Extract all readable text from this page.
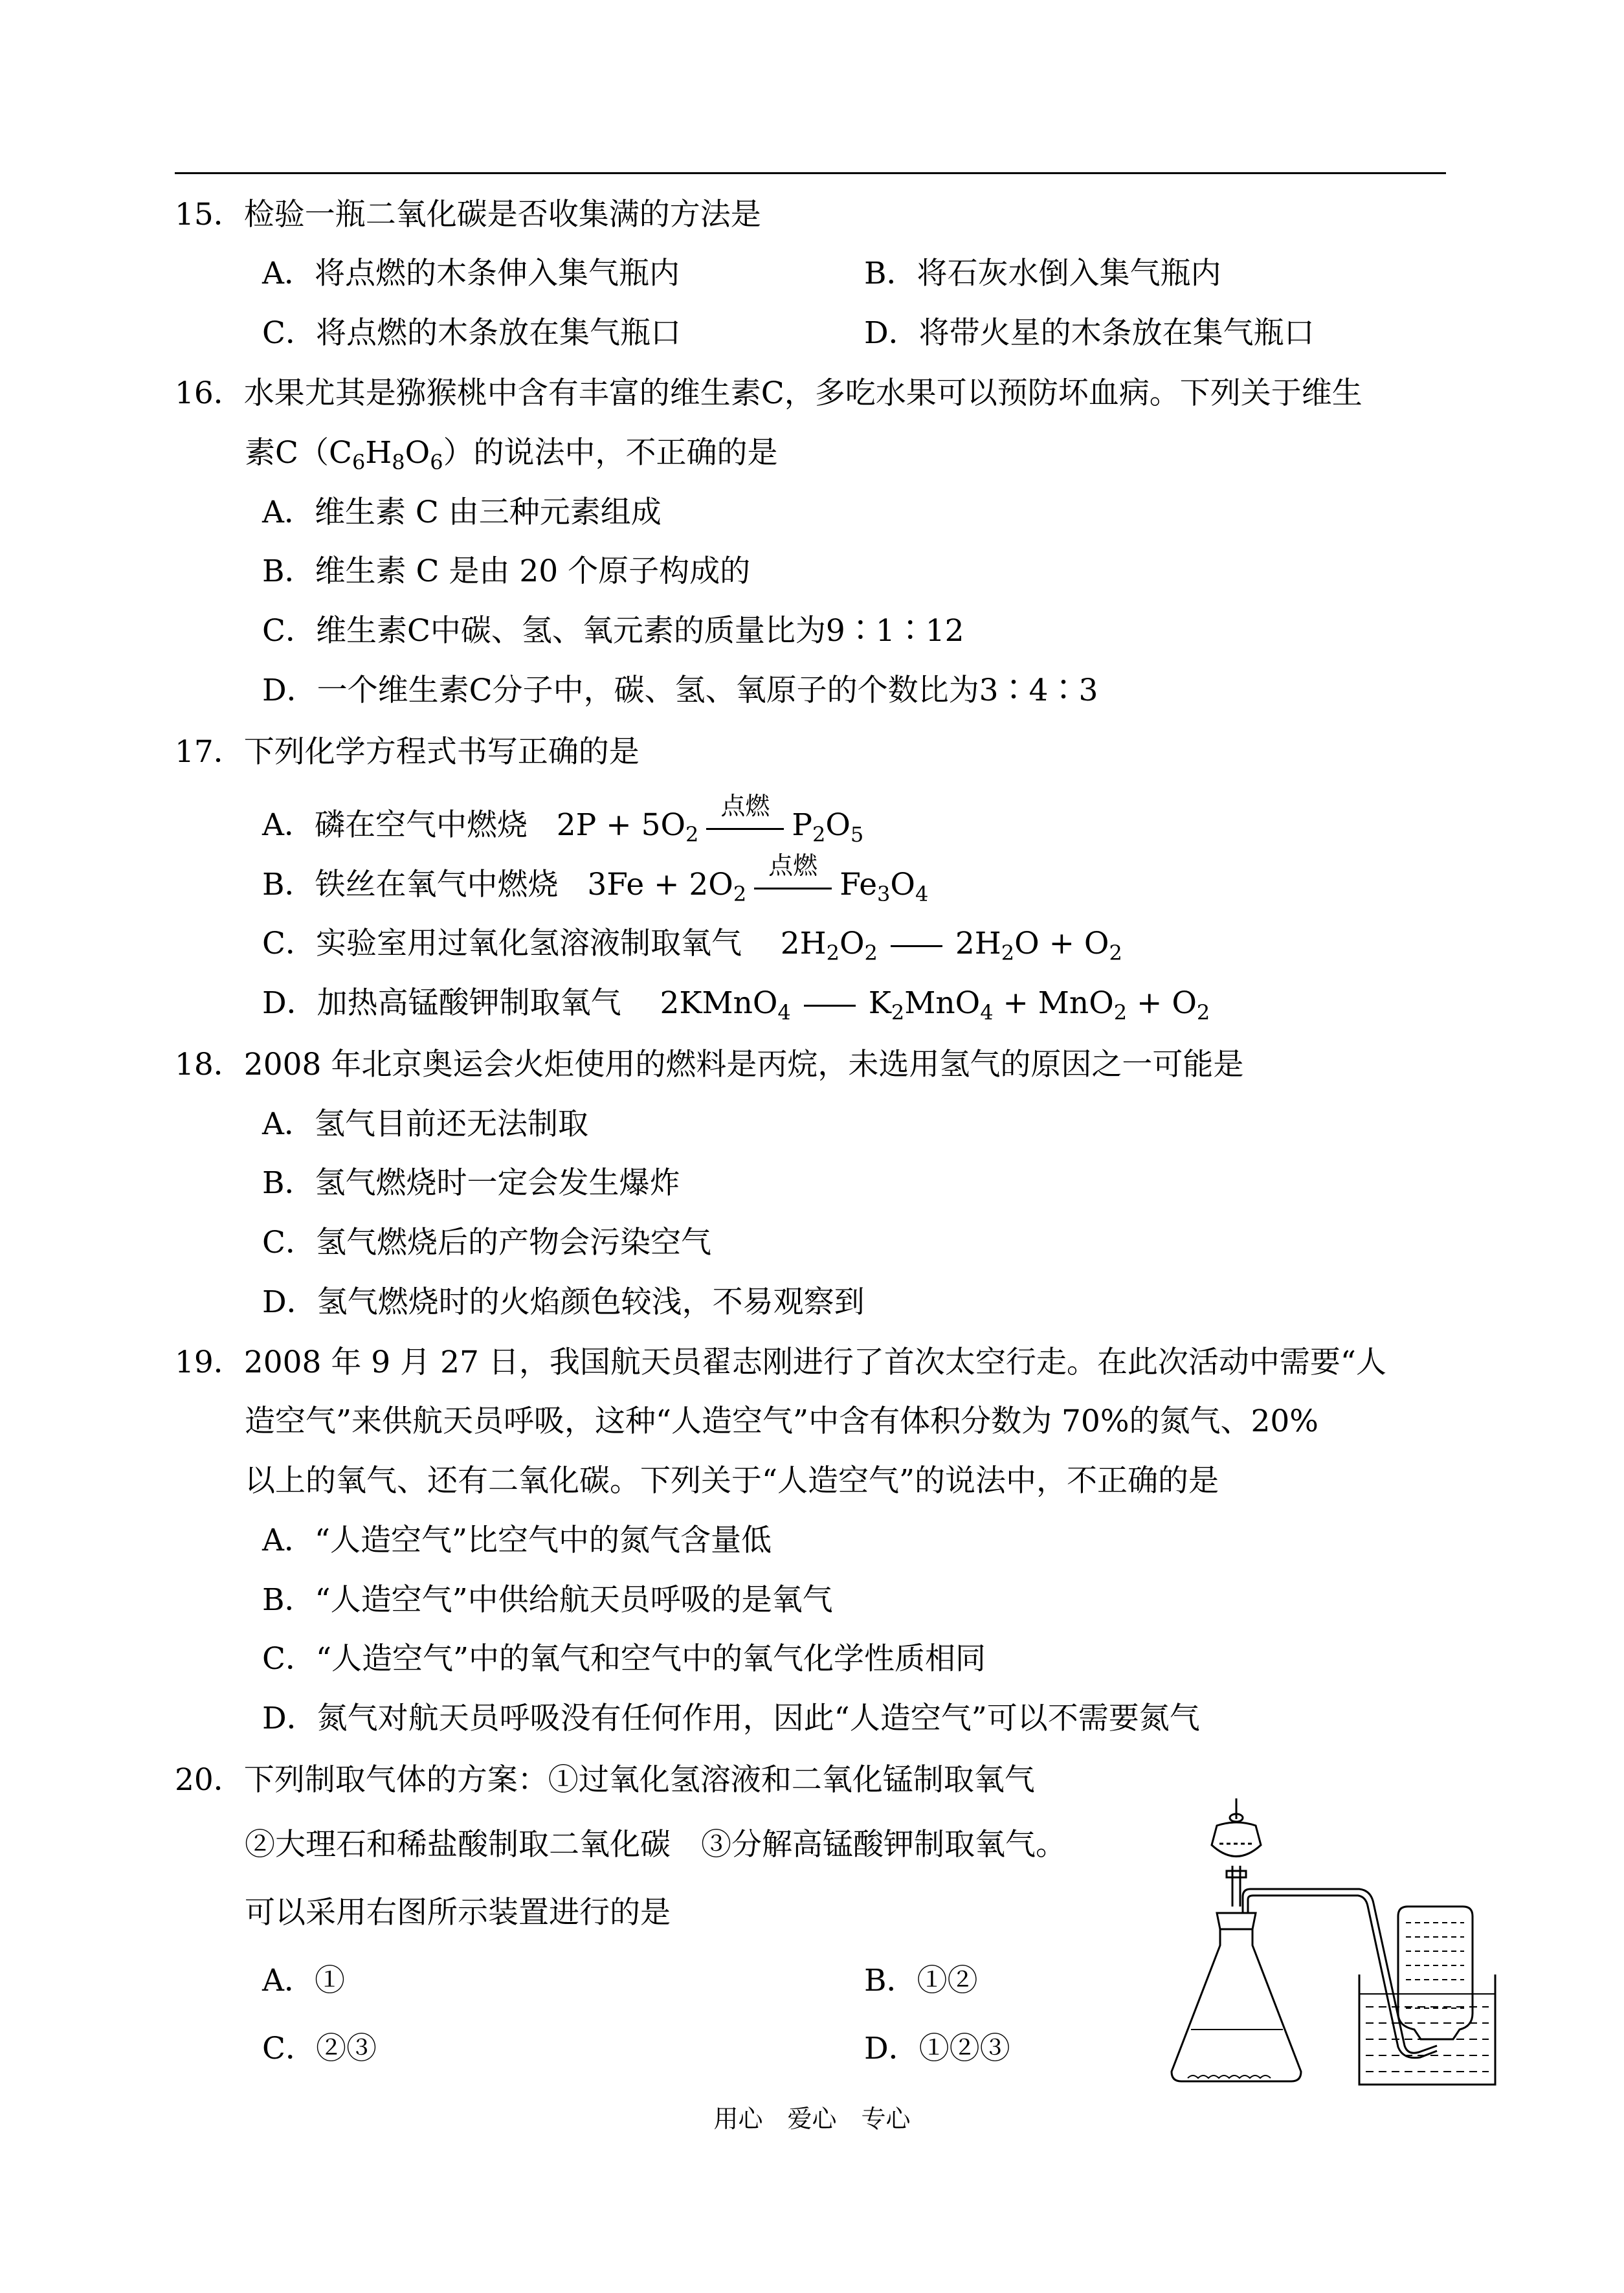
15．检验一瓶二氧化碳是否收集满的方法是
A．将点燃的木条伸入集气瓶内	B．将石灰水倒入集气瓶内
C．将点燃的木条放在集气瓶口	D．将带火星的木条放在集气瓶口
16．水果尤其是猕猴桃中含有丰富的维生素C，多吃水果可以预防坏血病。下列关于维生
素$C(C_6H_8O_6)$的说法中，不正确的是
A．维生素 C 由三种元素组成
B．维生素 C 是由 20 个原子构成的
C．维生素C中碳、氢、氧元素的质量比为9∶1∶12
D．一个维生素C分子中，碳、氢、氧原子的个数比为3∶4∶3
17．下列化学方程式书写正确的是
A．磷在空气中燃烧 $2P + 5O_2$
点燃
$P_2O_5$
B．铁丝在氧气中燃烧 $3Fe + 2O_2$
点燃
$Fe_3O_4$
C．实验室用过氧化氢溶液制取氧气 $2H_2O_2$	$2H_2O + O_2$
D．加热高锰酸钾制取氧气 2KMnO$_4$	$K_2MnO_4 + MnO_2 + O_2$
18．2008 年北京奥运会火炬使用的燃料是丙烷，未选用氢气的原因之一可能是
A．氢气目前还无法制取
B．氢气燃烧时一定会发生爆炸
C．氢气燃烧后的产物会污染空气
D．氢气燃烧时的火焰颜色较浅，不易观察到
19．2008 年 9 月 27 日，我国航天员翟志刚进行了首次太空行走。在此次活动中需要“人
造空气”来供航天员呼吸，这种“人造空气”中含有体积分数为 70%的氮气、20%
以上的氧气、还有二氧化碳。下列关于“人造空气”的说法中，不正确的是
A．“人造空气”比空气中的氮气含量低
B．“人造空气”中供给航天员呼吸的是氧气
C．“人造空气”中的氧气和空气中的氧气化学性质相同
D．氮气对航天员呼吸没有任何作用，因此“人造空气”可以不需要氮气
20．下列制取气体的方案：①过氧化氢溶液和二氧化锰制取氧气
②大理石和稀盐酸制取二氧化碳　③分解高锰酸钾制取氧气。
可以采用右图所示装置进行的是
A．①	B．①②
C．②③	D．①②③
用心　爱心　专心
